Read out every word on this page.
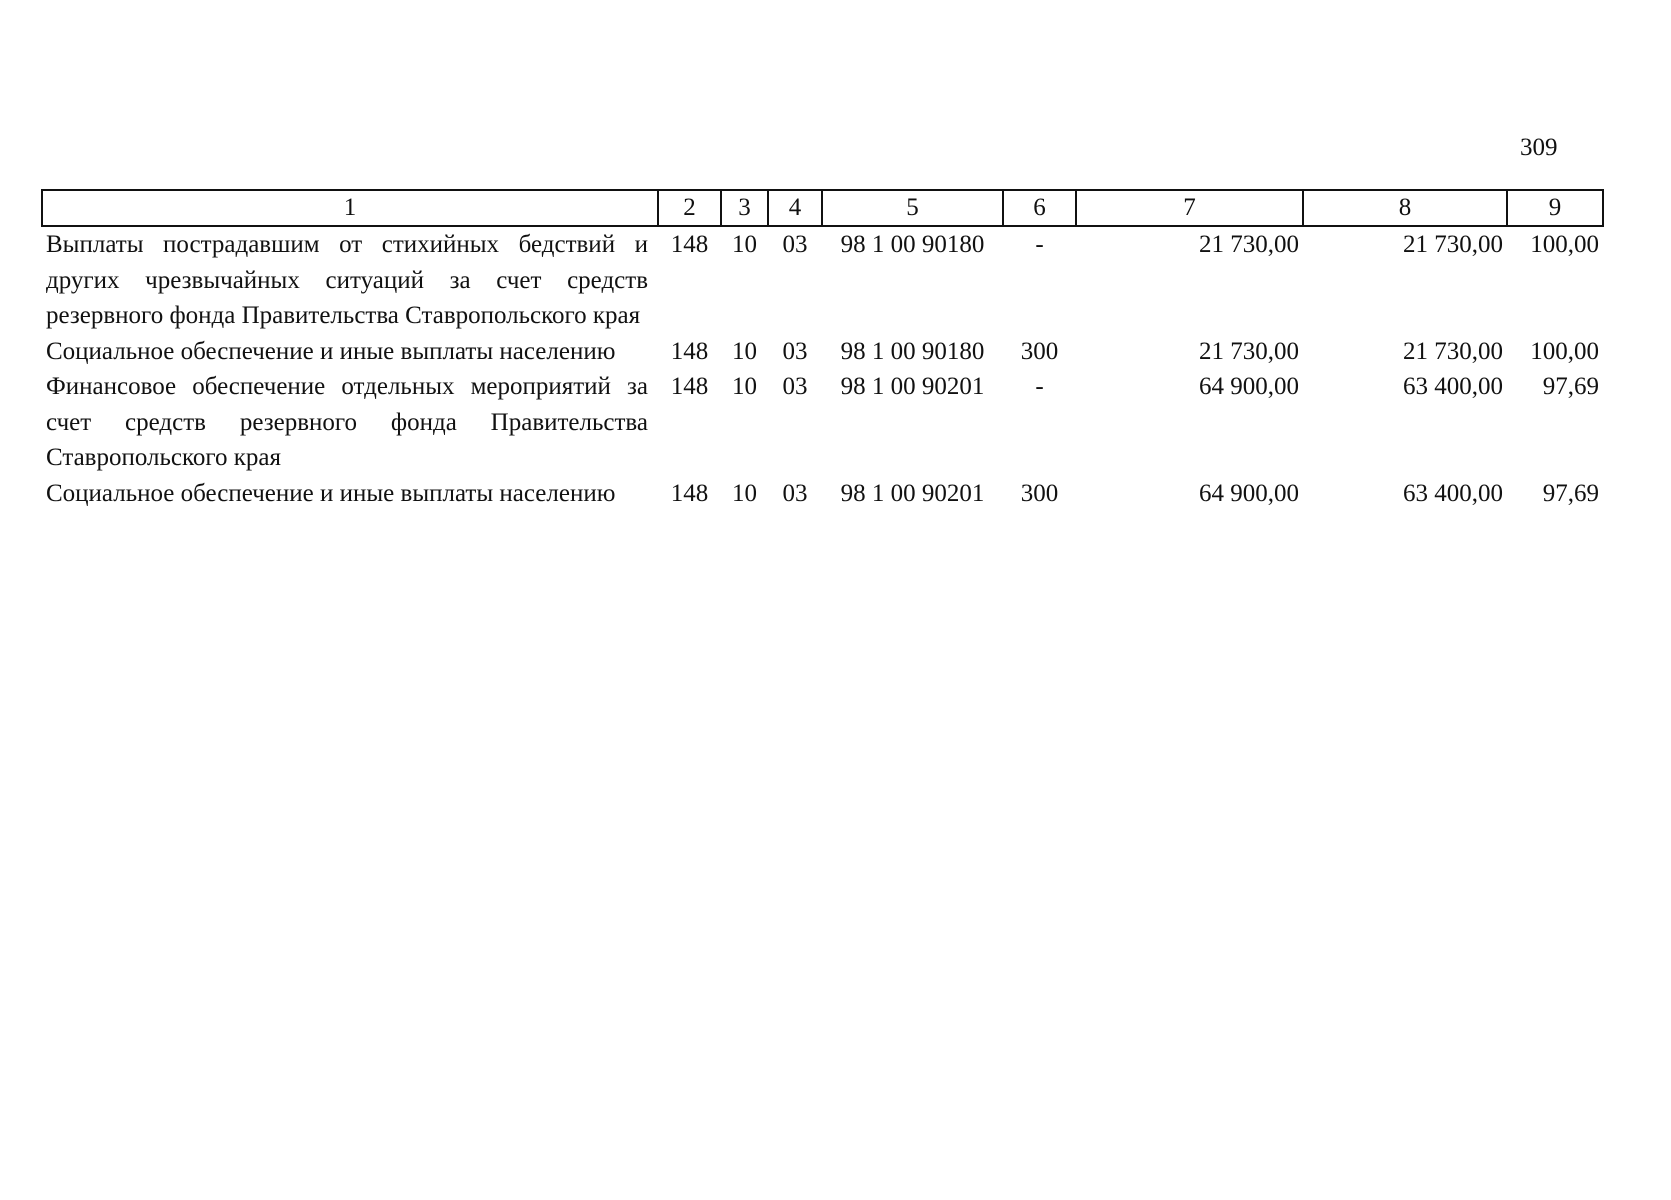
309
1	2	3	4	5	6	7	8	9
Выплаты пострадавшим от стихийных бедствий и других чрезвычайных ситуаций за счет средств резервного фонда Правительства Ставропольского края	148	10	03	98 1 00 90180	-	21 730,00	21 730,00	100,00
Социальное обеспечение и иные выплаты населению	148	10	03	98 1 00 90180	300	21 730,00	21 730,00	100,00
Финансовое обеспечение отдельных мероприятий за счет средств резервного фонда Правительства Ставропольского края	148	10	03	98 1 00 90201	-	64 900,00	63 400,00	97,69
Социальное обеспечение и иные выплаты населению	148	10	03	98 1 00 90201	300	64 900,00	63 400,00	97,69
